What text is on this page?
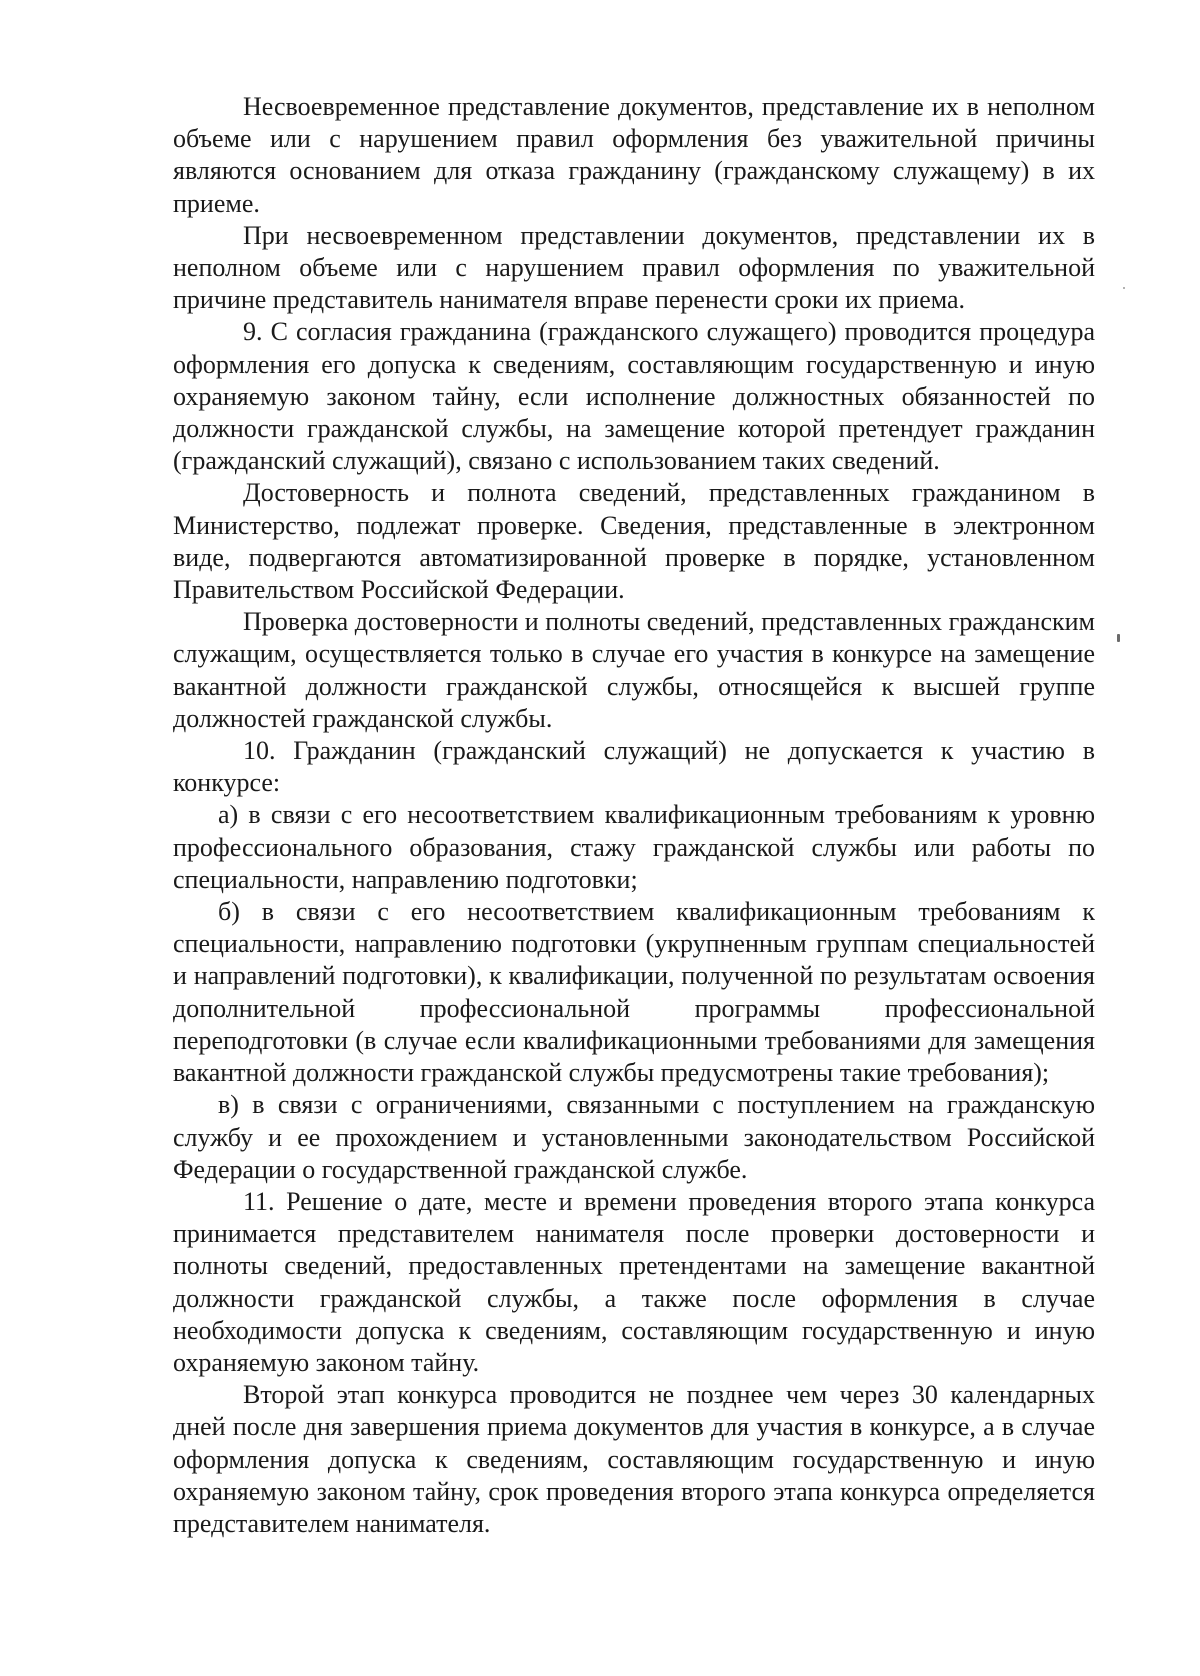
Несвоевременное представление документов, представление их в неполном объеме или с нарушением правил оформления без уважительной причины являются основанием для отказа гражданину (гражданскому служащему) в их приеме.

При несвоевременном представлении документов, представлении их в неполном объеме или с нарушением правил оформления по уважительной причине представитель нанимателя вправе перенести сроки их приема.

9. С согласия гражданина (гражданского служащего) проводится процедура оформления его допуска к сведениям, составляющим государственную и иную охраняемую законом тайну, если исполнение должностных обязанностей по должности гражданской службы, на замещение которой претендует гражданин (гражданский служащий), связано с использованием таких сведений.

Достоверность и полнота сведений, представленных гражданином в Министерство, подлежат проверке. Сведения, представленные в электронном виде, подвергаются автоматизированной проверке в порядке, установленном Правительством Российской Федерации.

Проверка достоверности и полноты сведений, представленных гражданским служащим, осуществляется только в случае его участия в конкурсе на замещение вакантной должности гражданской службы, относящейся к высшей группе должностей гражданской службы.

10. Гражданин (гражданский служащий) не допускается к участию в конкурсе:

а) в связи с его несоответствием квалификационным требованиям к уровню профессионального образования, стажу гражданской службы или работы по специальности, направлению подготовки;

б) в связи с его несоответствием квалификационным требованиям к специальности, направлению подготовки (укрупненным группам специальностей и направлений подготовки), к квалификации, полученной по результатам освоения дополнительной профессиональной программы профессиональной переподготовки (в случае если квалификационными требованиями для замещения вакантной должности гражданской службы предусмотрены такие требования);

в) в связи с ограничениями, связанными с поступлением на гражданскую службу и ее прохождением и установленными законодательством Российской Федерации о государственной гражданской службе.

11. Решение о дате, месте и времени проведения второго этапа конкурса принимается представителем нанимателя после проверки достоверности и полноты сведений, предоставленных претендентами на замещение вакантной должности гражданской службы, а также после оформления в случае необходимости допуска к сведениям, составляющим государственную и иную охраняемую законом тайну.

Второй этап конкурса проводится не позднее чем через 30 календарных дней после дня завершения приема документов для участия в конкурсе, а в случае оформления допуска к сведениям, составляющим государственную и иную охраняемую законом тайну, срок проведения второго этапа конкурса определяется представителем нанимателя.
